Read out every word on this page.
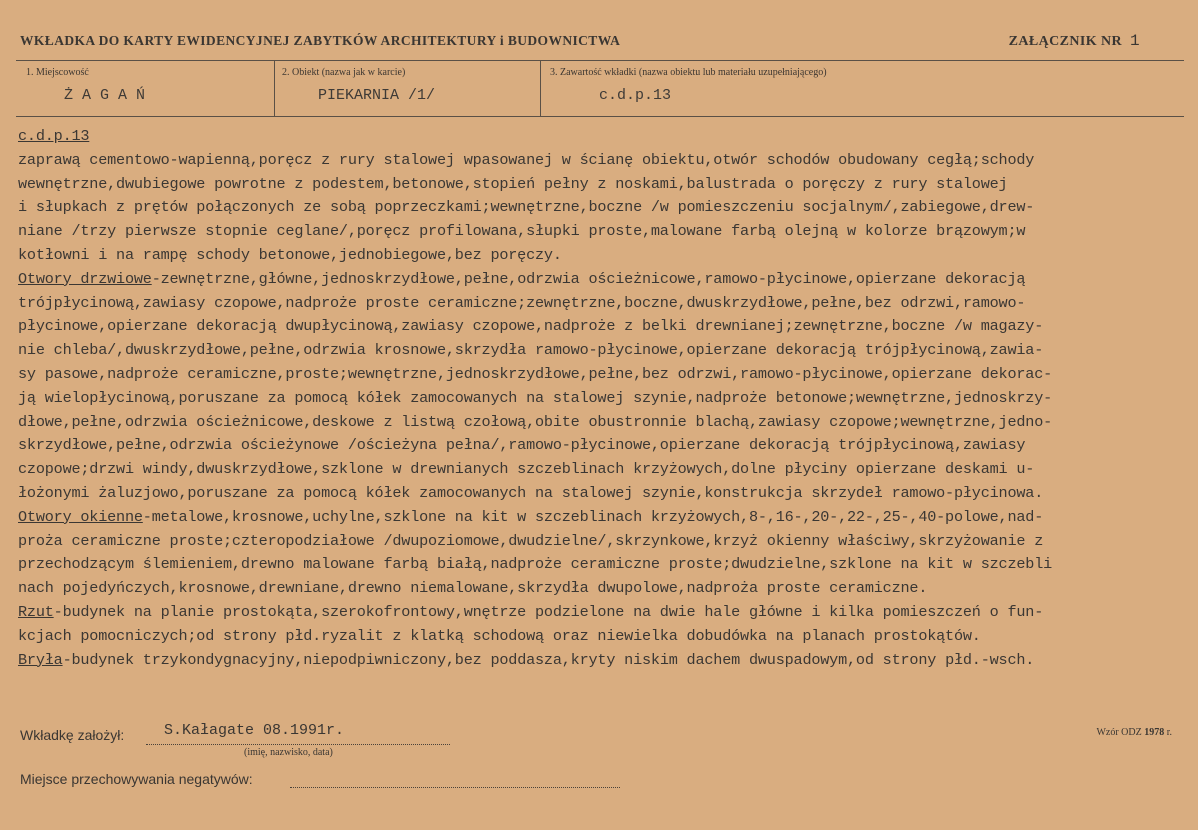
WKŁADKA DO KARTY EWIDENCYJNEJ ZABYTKÓW ARCHITEKTURY i BUDOWNICTWA	ZAŁĄCZNIK NR 1
1. Miejscowość
Ż A G A Ń
2. Obiekt (nazwa jak w karcie)
PIEKARNIA /1/
3. Zawartość wkładki (nazwa obiektu lub materiału uzupełniającego)
c.d.p.13
c.d.p.13
zaprawą cementowo-wapienną,poręcz z rury stalowej wpasowanej w ścianę obiektu,otwór schodów obudowany cegłą;schody
wewnętrzne,dwubiegowe powrotne z podestem,betonowe,stopień pełny z noskami,balustrada o poręczy z rury stalowej
i słupkach z prętów połączonych ze sobą poprzeczkami;wewnętrzne,boczne /w pomieszczeniu socjalnym/,zabiegowe,drew-
niane /trzy pierwsze stopnie ceglane/,poręcz profilowana,słupki proste,malowane farbą olejną w kolorze brązowym;w
kotłowni i na rampę schody betonowe,jednobiegowe,bez poręczy.
Otwory drzwiowe-zewnętrzne,główne,jednoskrzydłowe,pełne,odrzwia ościeżnicowe,ramowo-płycinowe,opierzane dekoracją
trójpłycinową,zawiasy czopowe,nadproże proste ceramiczne;zewnętrzne,boczne,dwuskrzydłowe,pełne,bez odrzwi,ramowo-
płycinowe,opierzane dekoracją dwupłycinową,zawiasy czopowe,nadproże z belki drewnianej;zewnętrzne,boczne /w magazy-
nie chleba/,dwuskrzydłowe,pełne,odrzwia krosnowe,skrzydła ramowo-płycinowe,opierzane dekoracją trójpłycinową,zawia-
sy pasowe,nadproże ceramiczne,proste;wewnętrzne,jednoskrzydłowe,pełne,bez odrzwi,ramowo-płycinowe,opierzane dekorac-
ją wielopłycinową,poruszane za pomocą kółek zamocowanych na stalowej szynie,nadproże betonowe;wewnętrzne,jednoskrzy-
dłowe,pełne,odrzwia ościeżnicowe,deskowe z listwą czołową,obite obustronnie blachą,zawiasy czopowe;wewnętrzne,jedno-
skrzydłowe,pełne,odrzwia ościeżynowe /ościeżyna pełna/,ramowo-płycinowe,opierzane dekoracją trójpłycinową,zawiasy
czopowe;drzwi windy,dwuskrzydłowe,szklone w drewnianych szczeblinach krzyżowych,dolne płyciny opierzane deskami u-
łożonymi żaluzjowo,poruszane za pomocą kółek zamocowanych na stalowej szynie,konstrukcja skrzydeł ramowo-płycinowa.
Otwory okienne-metalowe,krosnowe,uchylne,szklone na kit w szczeblinach krzyżowych,8-,16-,20-,22-,25-,40-polowe,nad-
proża ceramiczne proste;czteropodziałowe /dwupoziomowe,dwudzielne/,skrzynkowe,krzyż okienny właściwy,skrzyżowanie z
przechodzącym ślemieniem,drewno malowane farbą białą,nadproże ceramiczne proste;dwudzielne,szklone na kit w szczebli
nach pojedyńczych,krosnowe,drewniane,drewno niemalowane,skrzydła dwupolowe,nadproża proste ceramiczne.
Rzut-budynek na planie prostokąta,szerokofrontowy,wnętrze podzielone na dwie hale główne i kilka pomieszczeń o fun-
kcjach pomocniczych;od strony płd.ryzalit z klatką schodową oraz niewielka dobudówka na planach prostokątów.
Bryła-budynek trzykondygnacyjny,niepodpiwniczony,bez poddasza,kryty niskim dachem dwuspadowym,od strony płd.-wsch.
Wkładkę założył:	S.Kałagate 08.1991r.
(imię, nazwisko, data)
Wzór ODZ 1978 r.
Miejsce przechowywania negatywów:
